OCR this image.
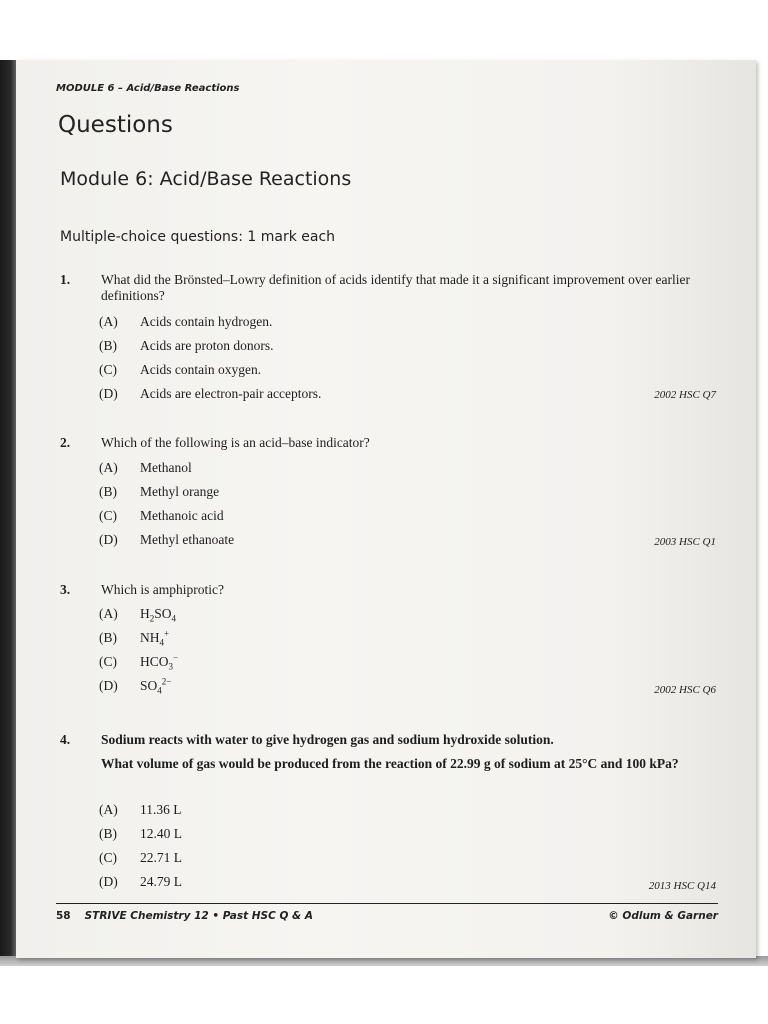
MODULE 6 – Acid/Base Reactions
Questions
Module 6: Acid/Base Reactions
Multiple-choice questions: 1 mark each
1. What did the Brönsted–Lowry definition of acids identify that made it a significant improvement over earlier definitions?
(A) Acids contain hydrogen.
(B) Acids are proton donors.
(C) Acids contain oxygen.
(D) Acids are electron-pair acceptors.	2002 HSC Q7
2. Which of the following is an acid–base indicator?
(A) Methanol
(B) Methyl orange
(C) Methanoic acid
(D) Methyl ethanoate	2003 HSC Q1
3. Which is amphiprotic?
(A) $H_2SO_4$
(B) $NH_4^+$
(C) $HCO_3^-$
(D) $SO_4^{2-}$
2002 HSC Q6
4. Sodium reacts with water to give hydrogen gas and sodium hydroxide solution.
What volume of gas would be produced from the reaction of 22.99 g of sodium at 25°C and 100 kPa?
(A) 11.36 L
(B) 12.40 L
(C) 22.71 L
(D) 24.79 L	2013 HSC Q14
58 STRIVE Chemistry 12 • Past HSC Q & A	© Odlum & Garner
